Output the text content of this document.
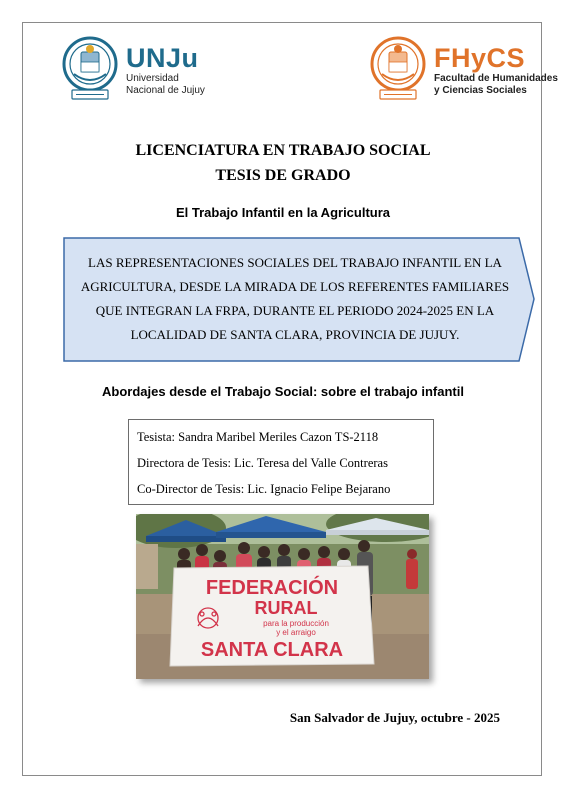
UNJu
Universidad
Nacional de Jujuy
FHyCS
Facultad de Humanidades
y Ciencias Sociales
LICENCIATURA EN TRABAJO SOCIAL
TESIS DE GRADO
El Trabajo Infantil en la Agricultura
LAS REPRESENTACIONES SOCIALES DEL TRABAJO INFANTIL EN LA
AGRICULTURA, DESDE LA MIRADA DE LOS REFERENTES FAMILIARES
QUE INTEGRAN LA FRPA, DURANTE EL PERIODO 2024-2025 EN LA
LOCALIDAD DE SANTA CLARA, PROVINCIA DE JUJUY.
Abordajes desde el Trabajo Social: sobre el trabajo infantil
Tesista: Sandra Maribel Meriles Cazon TS-2118
Directora de Tesis: Lic. Teresa del Valle Contreras
Co-Director de Tesis: Lic. Ignacio Felipe Bejarano
FEDERACIÓN
RURAL
para la producción
y el arraigo
SANTA CLARA
San Salvador de Jujuy, octubre - 2025
